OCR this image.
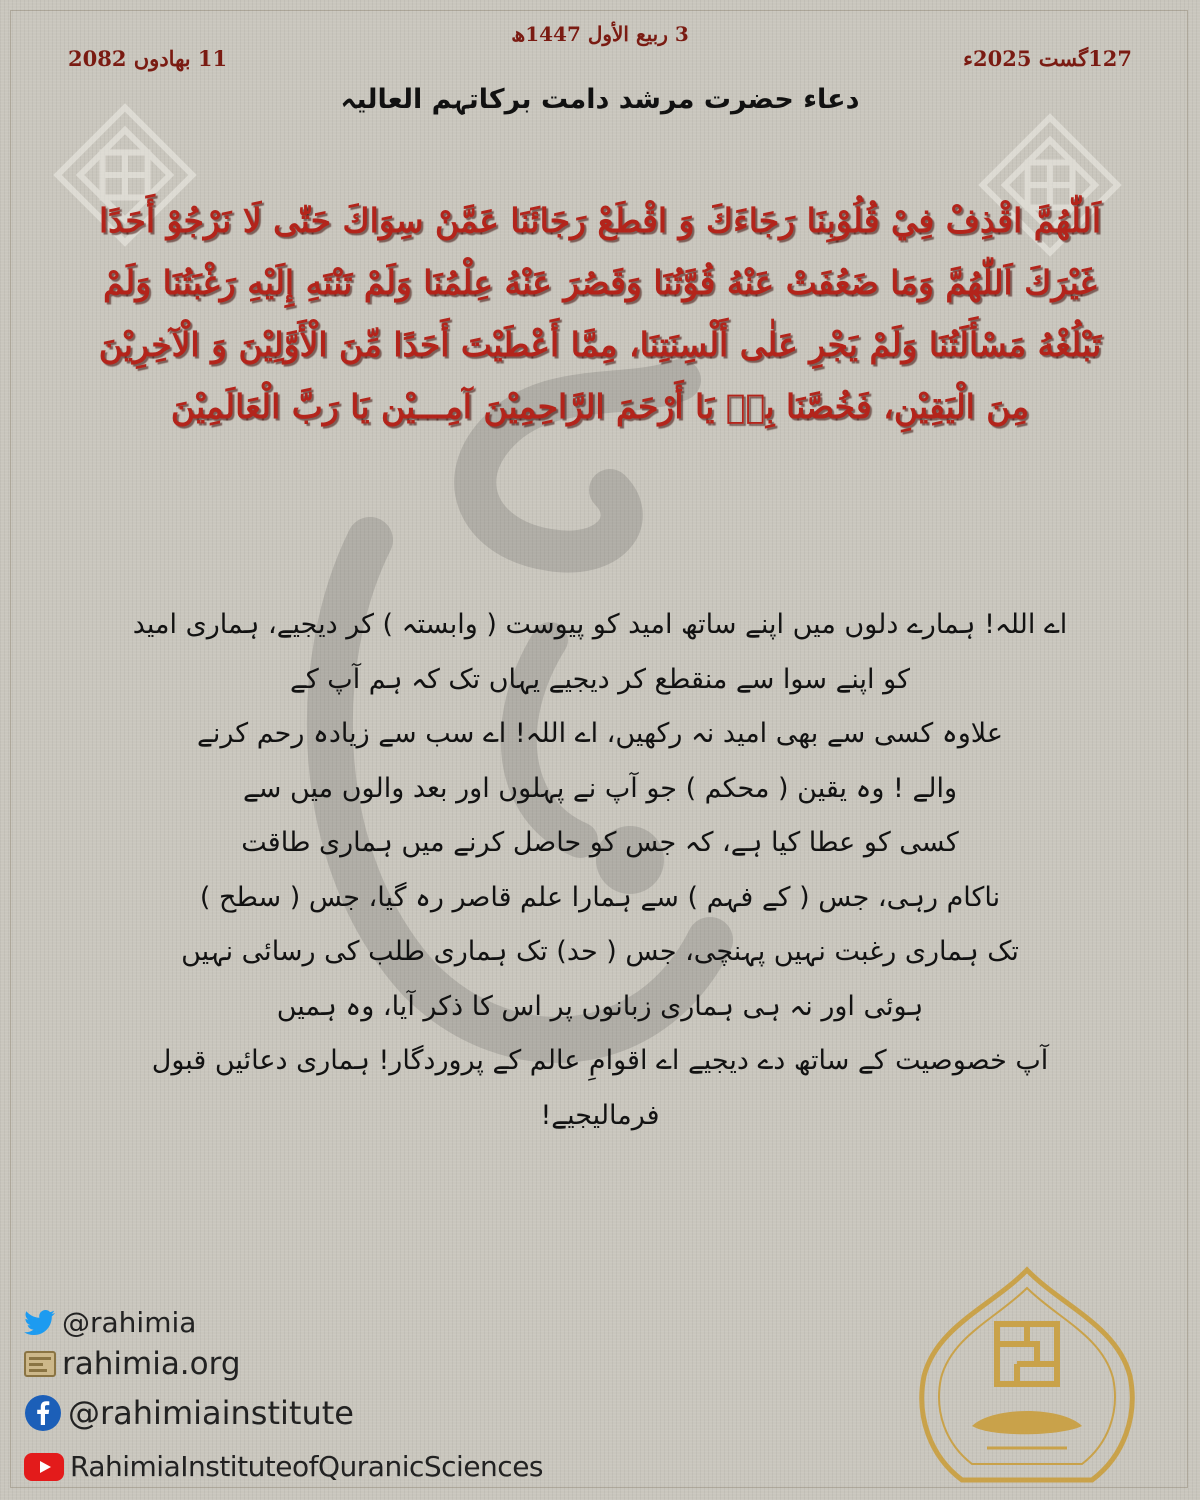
3 ربیع الأول 1447ھ
127گست 2025ء
11 بھادوں 2082
دعاء حضرت مرشد دامت برکاتہم العالیہ
اَللّٰهُمَّ اقْذِفْ فِيْ قُلُوْبِنَا رَجَاءَكَ وَ اقْطَعْ رَجَائَنَا عَمَّنْ سِوَاكَ حَتّٰى لَا نَرْجُوْ أَحَدًا غَيْرَكَ اَللّٰهُمَّ وَمَا ضَعُفَتْ عَنْهُ قُوَّتُنَا وَقَصُرَ عَنْهُ عِلْمُنَا وَلَمْ تَنْتَهِ إِلَيْهِ رَغْبَتُنَا وَلَمْ تَبْلُغْهُ مَسْأَلَتُنَا وَلَمْ يَجْرِ عَلٰى أَلْسِنَتِنَا، مِمَّا أَعْطَيْتَ أَحَدًا مِّنَ الْأَوَّلِيْنَ وَ الْآخِرِيْنَ مِنَ الْيَقِيْنِ، فَخُصَّنَا بِهٖ يَا أَرْحَمَ الرَّاحِمِيْنَ آمِـــيْن يَا رَبَّ الْعَالَمِيْنَ
اے اللہ! ہمارے دلوں میں اپنے ساتھ امید کو پیوست ( وابستہ ) کر دیجیے، ہماری امید
کو اپنے سوا سے منقطع کر دیجیے یہاں تک کہ ہم آپ کے
علاوہ کسی سے بھی امید نہ رکھیں، اے اللہ! اے سب سے زیادہ رحم کرنے
والے ! وہ یقین ( محکم ) جو آپ نے پہلوں اور بعد والوں میں سے
کسی کو عطا کیا ہے، کہ جس کو حاصل کرنے میں ہماری طاقت
ناکام رہی، جس ( کے فہم ) سے ہمارا علم قاصر رہ گیا، جس ( سطح )
تک ہماری رغبت نہیں پہنچی، جس ( حد) تک ہماری طلب کی رسائی نہیں
ہوئی اور نہ ہی ہماری زبانوں پر اس کا ذکر آیا، وہ ہمیں
آپ خصوصیت کے ساتھ دے دیجیے اے اقوامِ عالم کے پروردگار! ہماری دعائیں قبول
فرمالیجیے!
@rahimia
rahimia.org
@rahimiainstitute
RahimiaInstituteofQuranicSciences
